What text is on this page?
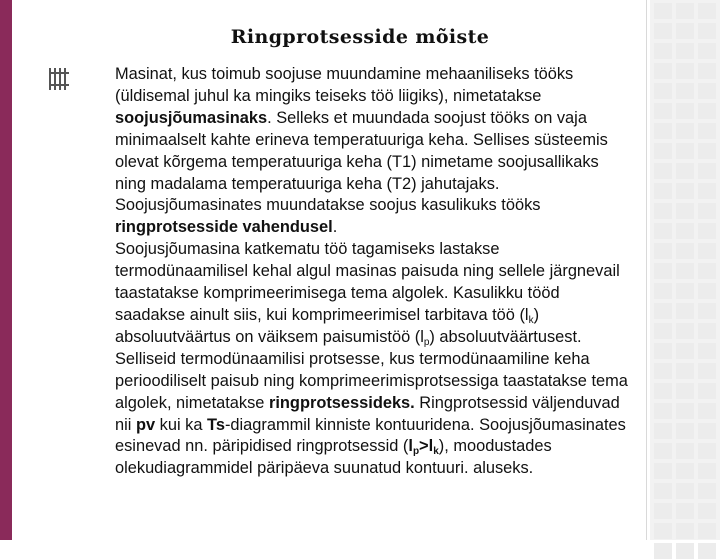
Ringprotsesside mõiste
Masinat, kus toimub soojuse muundamine mehaaniliseks tööks
(üldisemal juhul ka mingiks teiseks töö liigiks), nimetatakse
soojusjõumasinaks. Selleks et muundada soojust tööks on vaja
minimaalselt kahte erineva temperatuuriga keha. Sellises süsteemis
olevat kõrgema temperatuuriga keha (T1) nimetame soojusallikaks
ning madalama temperatuuriga keha (T2) jahutajaks.
Soojusjõumasinates muundatakse soojus kasulikuks tööks
ringprotsesside vahendusel.
Soojusjõumasina katkematu töö tagamiseks lastakse
termodünaamilisel kehal algul masinas paisuda ning sellele järgnevail
taastatakse komprimeerimisega tema algolek. Kasulikku tööd
saadakse ainult siis, kui komprimeerimisel tarbitava töö $(l_k)$
absoluutväärtus on väiksem paisumistöö $(l_p)$ absoluutväärtusest.
Selliseid termodünaamilisi protsesse, kus termodünaamiline keha
perioodiliselt paisub ning komprimeerimisprotsessiga taastatakse tema
algolek, nimetatakse ringprotsessideks. Ringprotsessid väljenduvad
nii pv kui ka Ts-diagrammil kinniste kontuuridena. Soojusjõumasinates
esinevad nn. päripidised ringprotsessid $(l_p>l_k)$, moodustades
olekudiagrammidel päripäeva suunatud kontuuri. aluseks.
